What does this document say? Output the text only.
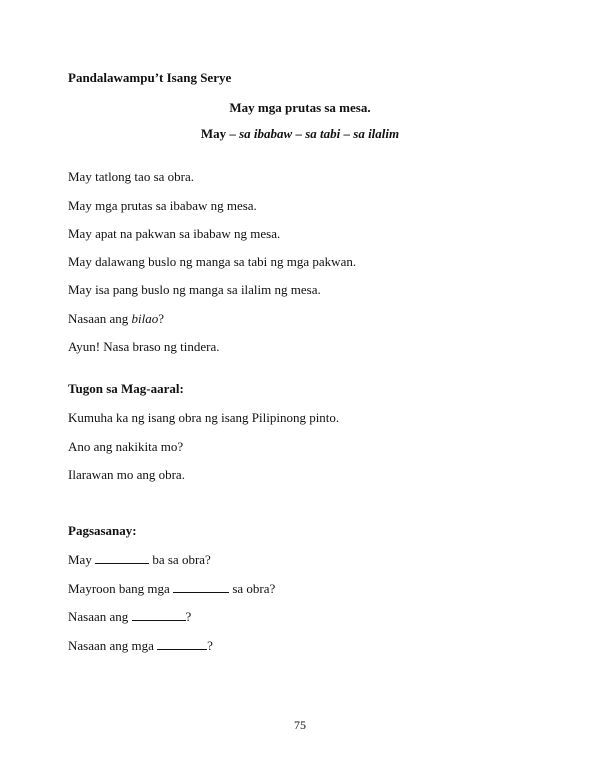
Pandalawampu’t Isang Serye
May mga prutas sa mesa.
May – sa ibabaw – sa tabi – sa ilalim
May tatlong tao sa obra.
May mga prutas sa ibabaw ng mesa.
May apat na pakwan sa ibabaw ng mesa.
May dalawang buslo ng manga sa tabi ng mga pakwan.
May isa pang buslo ng manga sa ilalim ng mesa.
Nasaan ang bilao?
Ayun! Nasa braso ng tindera.
Tugon sa Mag-aaral:
Kumuha ka ng isang obra ng isang Pilipinong pinto.
Ano ang nakikita mo?
Ilarawan mo ang obra.
Pagsasanay:
May	ba sa obra?
Mayroon bang mga	sa obra?
Nasaan ang	?
Nasaan ang mga	?
75
